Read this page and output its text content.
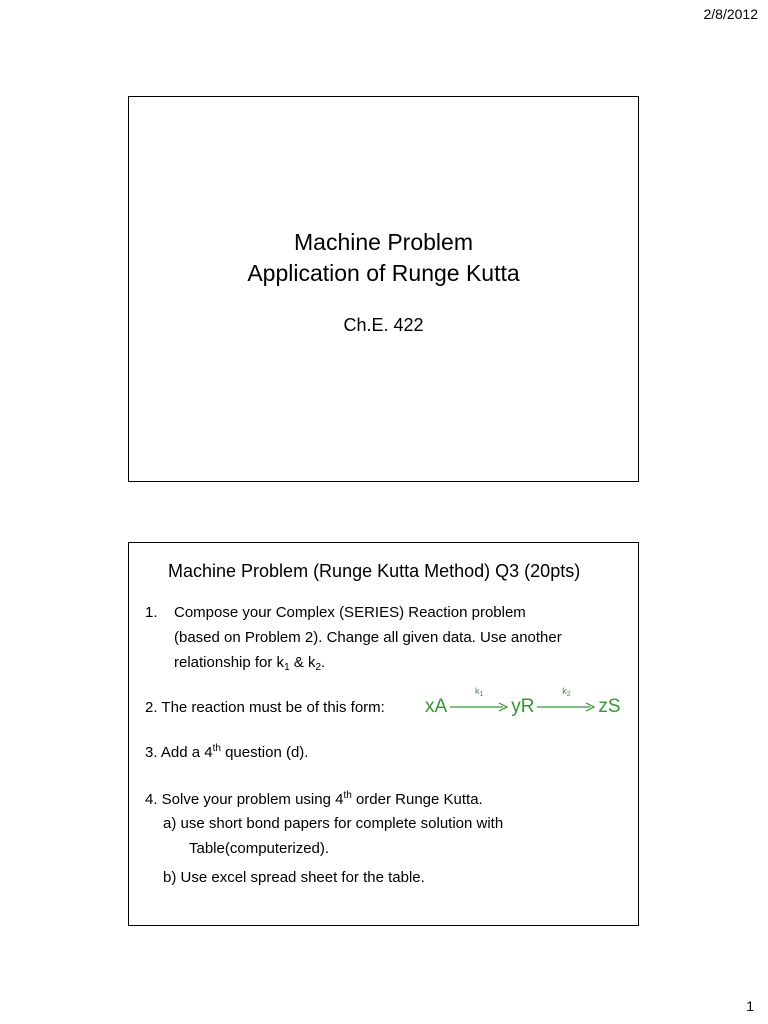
2/8/2012
Machine Problem
Application of Runge Kutta
Ch.E. 422
Machine Problem (Runge Kutta Method) Q3 (20pts)
1. Compose your Complex (SERIES) Reaction problem
(based on Problem 2). Change all given data. Use another
relationship for $k_1$ & $k_2$.
2. The reaction must be of this form: xA
$k_1$
yR
$k_2$
zS
3. Add a 4th question (d).
4. Solve your problem using 4th order Runge Kutta.
a) use short bond papers for complete solution with
Table(computerized).
b) Use excel spread sheet for the table.
1
